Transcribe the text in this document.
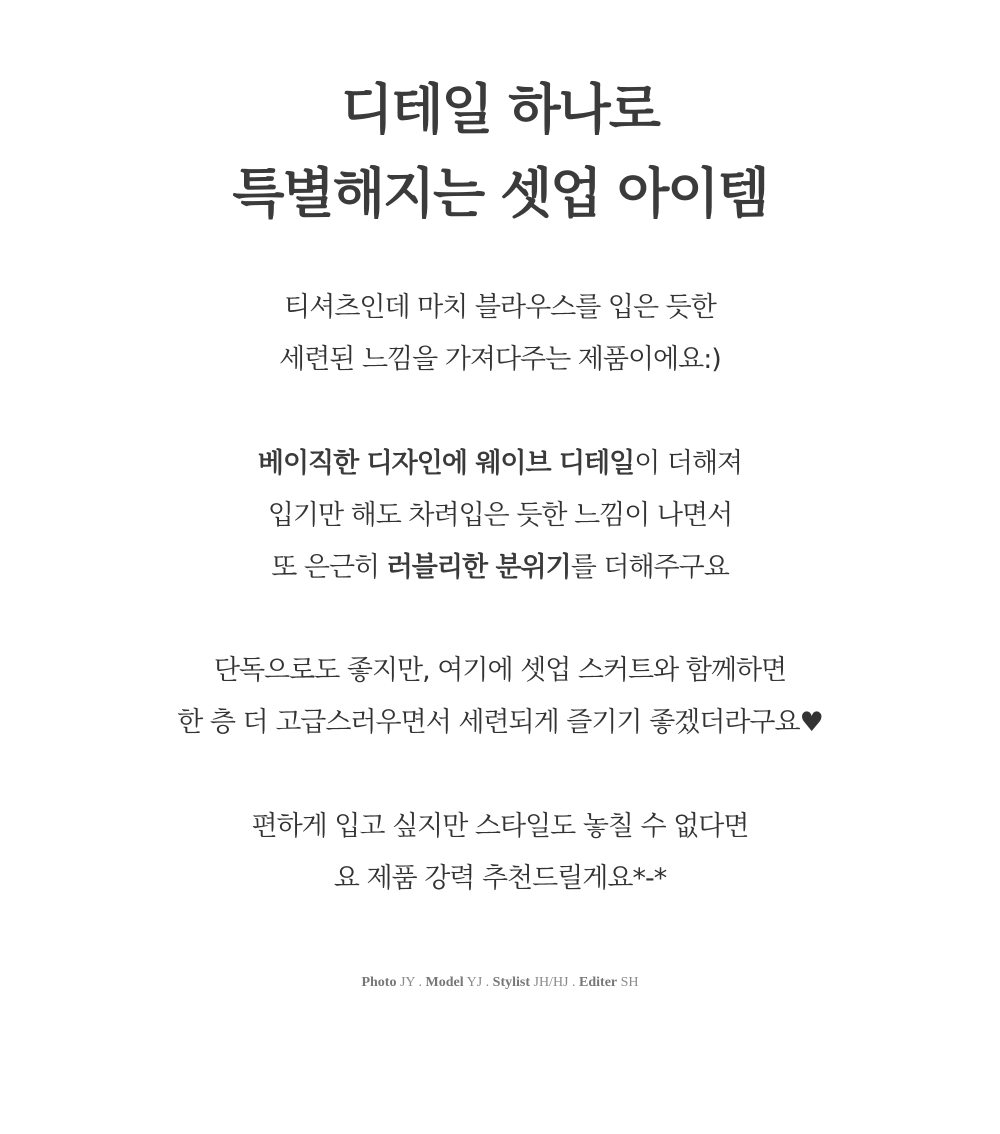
디테일 하나로
특별해지는 셋업 아이템
티셔츠인데 마치 블라우스를 입은 듯한
세련된 느낌을 가져다주는 제품이에요:)
베이직한 디자인에 웨이브 디테일이 더해져
입기만 해도 차려입은 듯한 느낌이 나면서
또 은근히 러블리한 분위기를 더해주구요
단독으로도 좋지만, 여기에 셋업 스커트와 함께하면
한 층 더 고급스러우면서 세련되게 즐기기 좋겠더라구요♥
편하게 입고 싶지만 스타일도 놓칠 수 없다면
요 제품 강력 추천드릴게요*-*
Photo JY . Model YJ . Stylist JH/HJ . Editer SH
